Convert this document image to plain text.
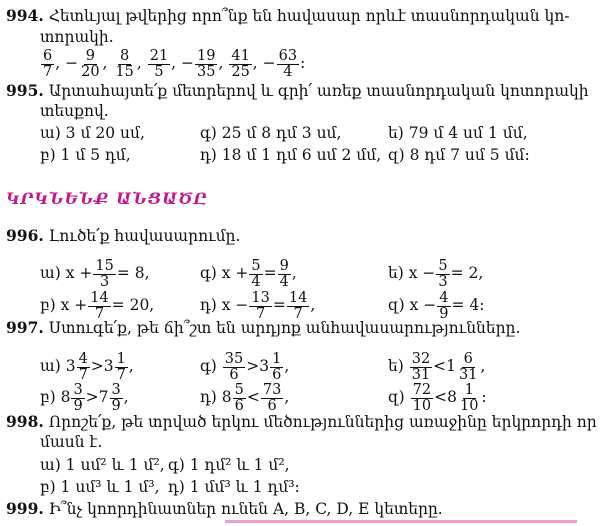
994. Հետևյալ թվերից որո՞նք են հավասար որևէ տասնորդական կո-
տորակի.
$\frac{6}{7}$ , − $\frac{9}{20}$ , $\frac{8}{15}$ , $\frac{21}{5}$ , − $\frac{19}{35}$ , $\frac{41}{25}$ , − $\frac{63}{4}$ :
995. Արտահայտե՛ք մետրերով և գրի՛ առեք տասնորդական կոտորակի
տեսքով.
ա) 3 մ 20 սմ,	գ) 25 մ 8 դմ 3 սմ,	ե) 79 մ 4 սմ 1 մմ,
բ) 1 մ 5 դմ,	դ) 18 մ 1 դմ 6 սմ 2 մմ, զ) 8 դմ 7 սմ 5 մմ:
ԿՐԿՆԵՆՔ ԱՆՑԱԾԸ
996. Լուծե՛ք հավասարումը.
ա) $x + \frac{15}{3} = 8$,	գ) $x + \frac{5}{4} = \frac{9}{4}$ ,	ե) $x - \frac{5}{3} = 2$,
բ) $x + \frac{14}{7} = 20$,	դ) $x - \frac{13}{7} = \frac{14}{7}$ ,	զ) $x - \frac{4}{9} = 4$:
997. Ստուգե՛ք, թե ճի՞շտ են արդյոք անհավասարությունները.
ա) $3 \frac{4}{7} >3 \frac{1}{7}$ ,	գ) $\frac{35}{6} >3 \frac{1}{6}$ ,	ե) $\frac{32}{31} <1 \frac{6}{31}$ ,
բ) $8 \frac{3}{9} >7 \frac{3}{9}$ ,	դ) $8 \frac{5}{6} < \frac{73}{6}$ ,	զ) $\frac{72}{10} <8 \frac{1}{10}$ :
998. Որոշե՛ք, թե տրված երկու մեծություններից առաջինը երկրորդի որ
մասն է.
ա) 1 սմ² և 1 մ², գ) 1 դմ² և 1 մ²,
բ) 1 սմ³ և 1 մ³, դ) 1 մմ³ և 1 դմ³:
999. Ի՞նչ կոորդինատներ ունեն A, B, C, D, E կետերը.
